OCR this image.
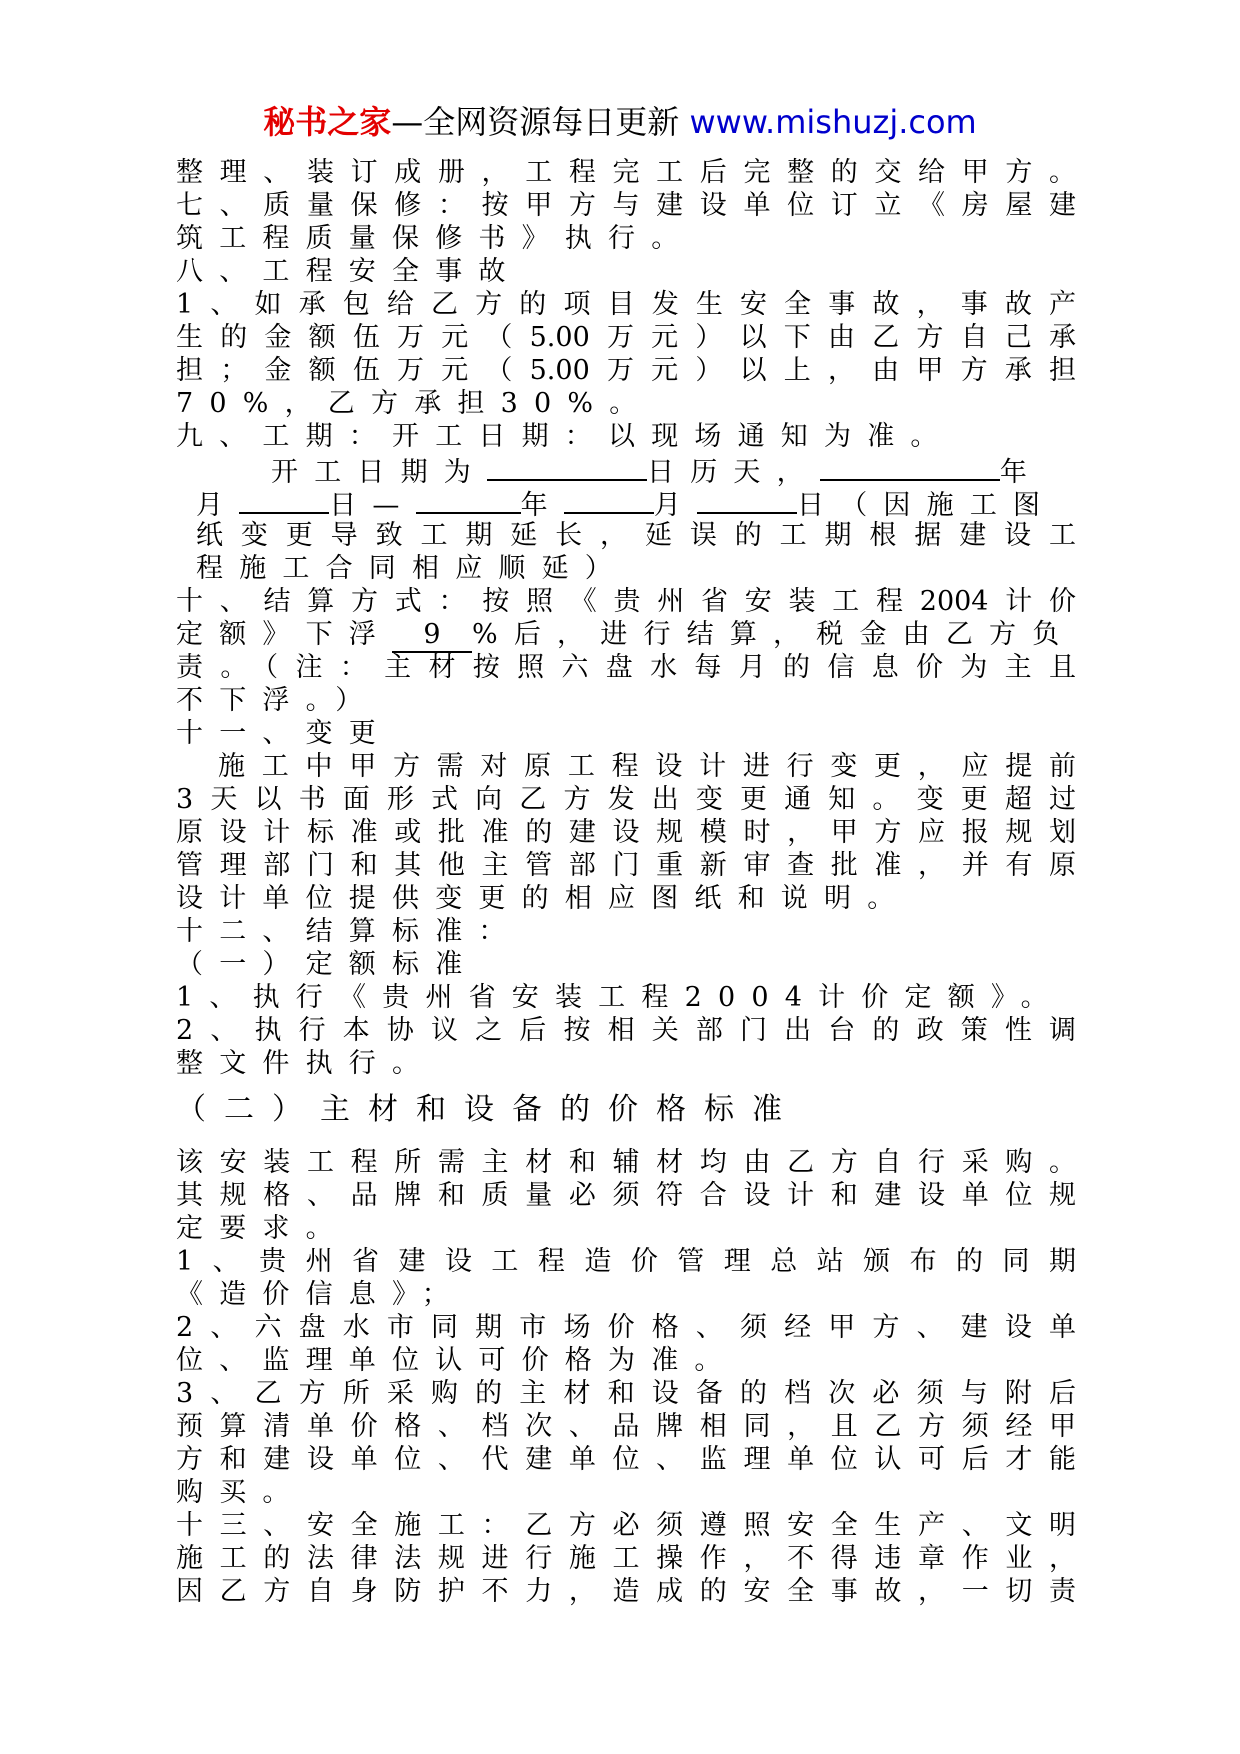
秘书之家—全网资源每日更新 www.mishuzj.com
整理、装订成册，工程完工后完整的交给甲方。
七、质量保修：按甲方与建设单位订立《房屋建
筑工程质量保修书》执行。
八、工程安全事故
1、如承包给乙方的项目发生安全事故，事故产
生的金额伍万元（5.00万元）以下由乙方自己承
担；金额伍万元（5.00万元）以上，由甲方承担
70%，乙方承担30%。
九、工期：开工日期：以现场通知为准。
开工日期为	日历天，	年
月	日—	年	月	日（因施工图
纸变更导致工期延长，延误的工期根据建设工
程施工合同相应顺延）
十、结算方式：按照《贵州省安装工程2004计价
定额》下浮 9 %后，进行结算，税金由乙方负
责。（注：主材按照六盘水每月的信息价为主且
不下浮。）
十一、变更
施工中甲方需对原工程设计进行变更，应提前
3天以书面形式向乙方发出变更通知。变更超过
原设计标准或批准的建设规模时，甲方应报规划
管理部门和其他主管部门重新审查批准，并有原
设计单位提供变更的相应图纸和说明。
十二、结算标准：
（一）定额标准
1、执行《贵州省安装工程2004计价定额》。
2、执行本协议之后按相关部门出台的政策性调
整文件执行。
（二）主材和设备的价格标准
该安装工程所需主材和辅材均由乙方自行采购。
其规格、品牌和质量必须符合设计和建设单位规
定要求。
1、贵州省建设工程造价管理总站颁布的同期
《造价信息》；
2、六盘水市同期市场价格、须经甲方、建设单
位、监理单位认可价格为准。
3、乙方所采购的主材和设备的档次必须与附后
预算清单价格、档次、品牌相同，且乙方须经甲
方和建设单位、代建单位、监理单位认可后才能
购买。
十三、安全施工：乙方必须遵照安全生产、文明
施工的法律法规进行施工操作，不得违章作业，
因乙方自身防护不力，造成的安全事故，一切责
